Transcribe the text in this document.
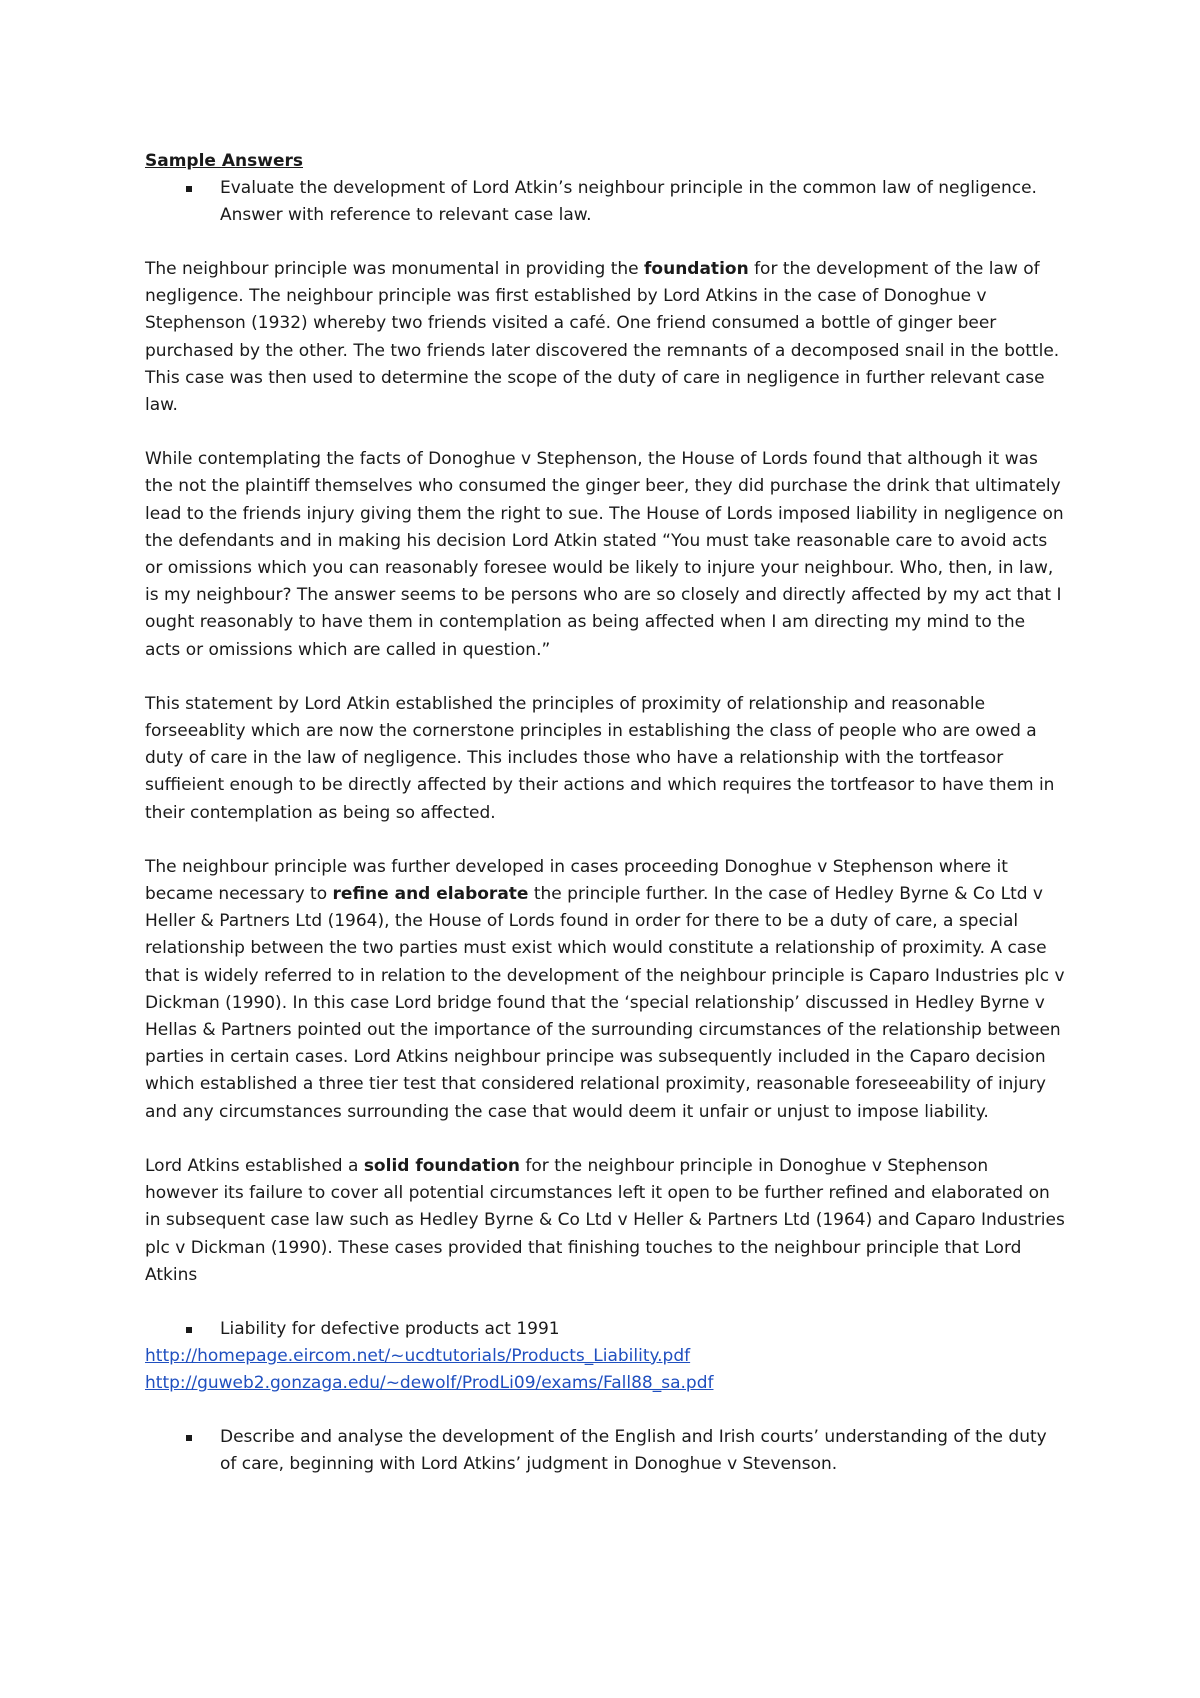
Sample Answers

Evaluate the development of Lord Atkin’s neighbour principle in the common law of negligence.

Answer with reference to relevant case law.

The neighbour principle was monumental in providing the foundation for the development of the law of negligence. The neighbour principle was first established by Lord Atkins in the case of Donoghue v Stephenson (1932) whereby two friends visited a café. One friend consumed a bottle of ginger beer purchased by the other. The two friends later discovered the remnants of a decomposed snail in the bottle. This case was then used to determine the scope of the duty of care in negligence in further relevant case law.

While contemplating the facts of Donoghue v Stephenson, the House of Lords found that although it was the not the plaintiff themselves who consumed the ginger beer, they did purchase the drink that ultimately lead to the friends injury giving them the right to sue. The House of Lords imposed liability in negligence on the defendants and in making his decision Lord Atkin stated “You must take reasonable care to avoid acts or omissions which you can reasonably foresee would be likely to injure your neighbour. Who, then, in law, is my neighbour? The answer seems to be persons who are so closely and directly affected by my act that I ought reasonably to have them in contemplation as being affected when I am directing my mind to the acts or omissions which are called in question.”

This statement by Lord Atkin established the principles of proximity of relationship and reasonable forseeablity which are now the cornerstone principles in establishing the class of people who are owed a duty of care in the law of negligence. This includes those who have a relationship with the tortfeasor suffieient enough to be directly affected by their actions and which requires the tortfeasor to have them in their contemplation as being so affected.

The neighbour principle was further developed in cases proceeding Donoghue v Stephenson where it became necessary to refine and elaborate the principle further. In the case of Hedley Byrne & Co Ltd v Heller & Partners Ltd (1964), the House of Lords found in order for there to be a duty of care, a special relationship between the two parties must exist which would constitute a relationship of proximity. A case that is widely referred to in relation to the development of the neighbour principle is Caparo Industries plc v Dickman (1990). In this case Lord bridge found that the ‘special relationship’ discussed in Hedley Byrne v Hellas & Partners pointed out the importance of the surrounding circumstances of the relationship between parties in certain cases. Lord Atkins neighbour principe was subsequently included in the Caparo decision which established a three tier test that considered relational proximity, reasonable foreseeability of injury and any circumstances surrounding the case that would deem it unfair or unjust to impose liability.

Lord Atkins established a solid foundation for the neighbour principle in Donoghue v Stephenson however its failure to cover all potential circumstances left it open to be further refined and elaborated on in subsequent case law such as Hedley Byrne & Co Ltd v Heller & Partners Ltd (1964) and Caparo Industries plc v Dickman (1990). These cases provided that finishing touches to the neighbour principle that Lord Atkins

Liability for defective products act 1991

http://homepage.eircom.net/~ucdtutorials/Products_Liability.pdf
http://guweb2.gonzaga.edu/~dewolf/ProdLi09/exams/Fall88_sa.pdf

Describe and analyse the development of the English and Irish courts’ understanding of the duty of care, beginning with Lord Atkins’ judgment in Donoghue v Stevenson.
